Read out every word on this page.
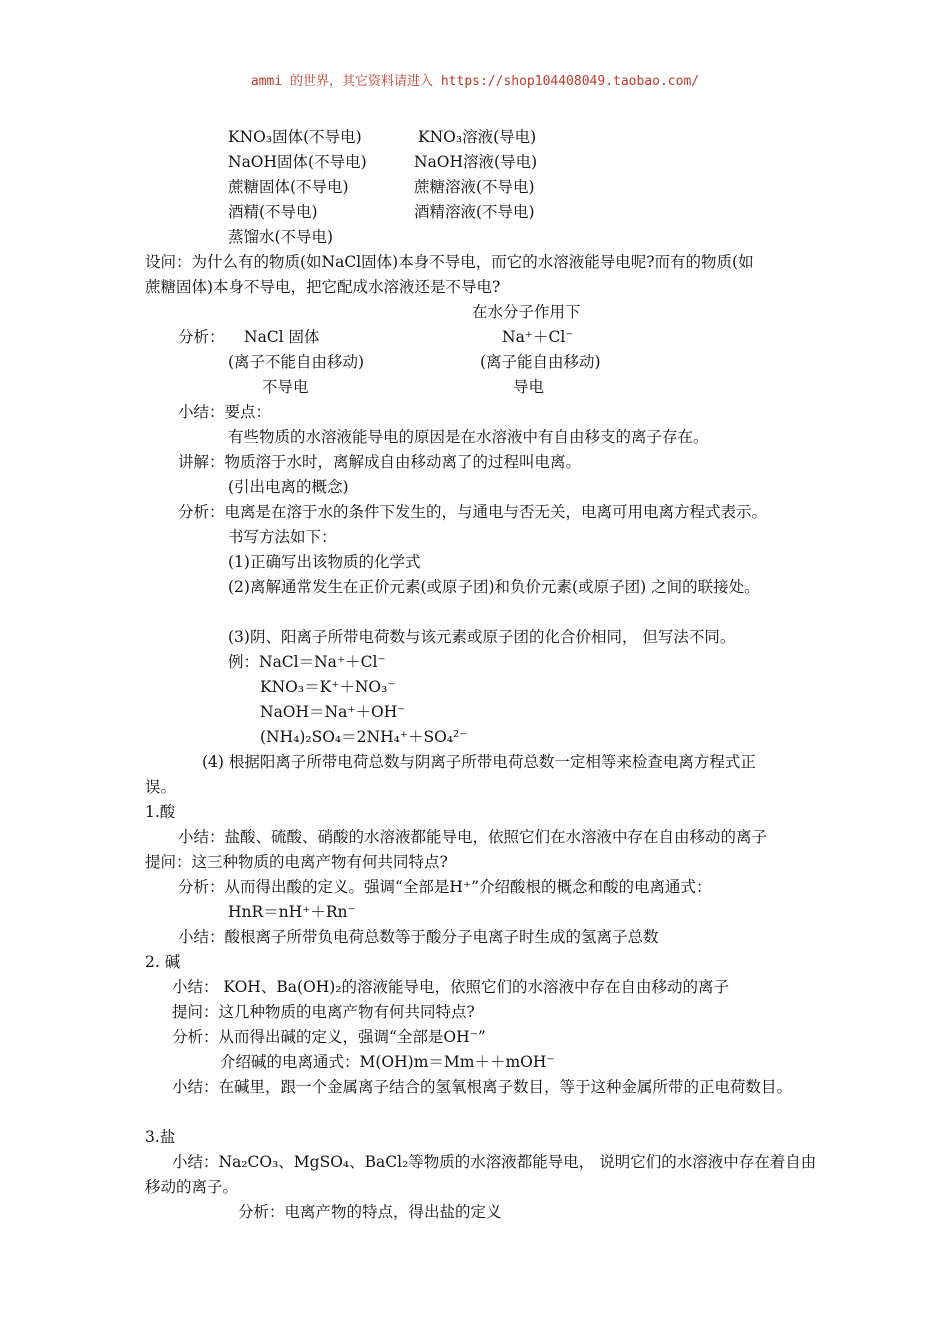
ammi 的世界，其它资料请进入 https://shop104408049.taobao.com/
KNO₃固体(不导电)	KNO₃溶液(导电)
NaOH固体(不导电)	NaOH溶液(导电)
蔗糖固体(不导电)	蔗糖溶液(不导电)
酒精(不导电)	酒精溶液(不导电)
蒸馏水(不导电)
设问：为什么有的物质(如NaCl固体)本身不导电，而它的水溶液能导电呢?而有的物质(如
蔗糖固体)本身不导电，把它配成水溶液还是不导电?
在水分子作用下
分析： NaCl 固体	Na⁺＋Cl⁻
(离子不能自由移动)	(离子能自由移动)
不导电	导电
小结：要点：
有些物质的水溶液能导电的原因是在水溶液中有自由移支的离子存在。
讲解：物质溶于水时，离解成自由移动离了的过程叫电离。
(引出电离的概念)
分析：电离是在溶于水的条件下发生的，与通电与否无关，电离可用电离方程式表示。
书写方法如下：
(1)正确写出该物质的化学式
(2)离解通常发生在正价元素(或原子团)和负价元素(或原子团) 之间的联接处。
(3)阴、阳离子所带电荷数与该元素或原子团的化合价相同， 但写法不同。
例：NaCl＝Na⁺＋Cl⁻
KNO₃＝K⁺＋NO₃⁻
NaOH＝Na⁺＋OH⁻
(NH₄)₂SO₄＝2NH₄⁺＋SO₄²⁻
(4) 根据阳离子所带电荷总数与阴离子所带电荷总数一定相等来检查电离方程式正
误。
1.酸
小结：盐酸、硫酸、硝酸的水溶液都能导电，依照它们在水溶液中存在自由移动的离子
提问：这三种物质的电离产物有何共同特点?
分析：从而得出酸的定义。强调“全部是H⁺”介绍酸根的概念和酸的电离通式：
HnR＝nH⁺＋Rn⁻
小结：酸根离子所带负电荷总数等于酸分子电离子时生成的氢离子总数
2. 碱
小结： KOH、Ba(OH)₂的溶液能导电，依照它们的水溶液中存在自由移动的离子
提问：这几种物质的电离产物有何共同特点?
分析：从而得出碱的定义，强调“全部是OH⁻”
介绍碱的电离通式：M(OH)m＝Mm＋＋mOH⁻
小结：在碱里，跟一个金属离子结合的氢氧根离子数目，等于这种金属所带的正电荷数目。
3.盐
小结：Na₂CO₃、MgSO₄、BaCl₂等物质的水溶液都能导电， 说明它们的水溶液中存在着自由
移动的离子。
分析：电离产物的特点，得出盐的定义
